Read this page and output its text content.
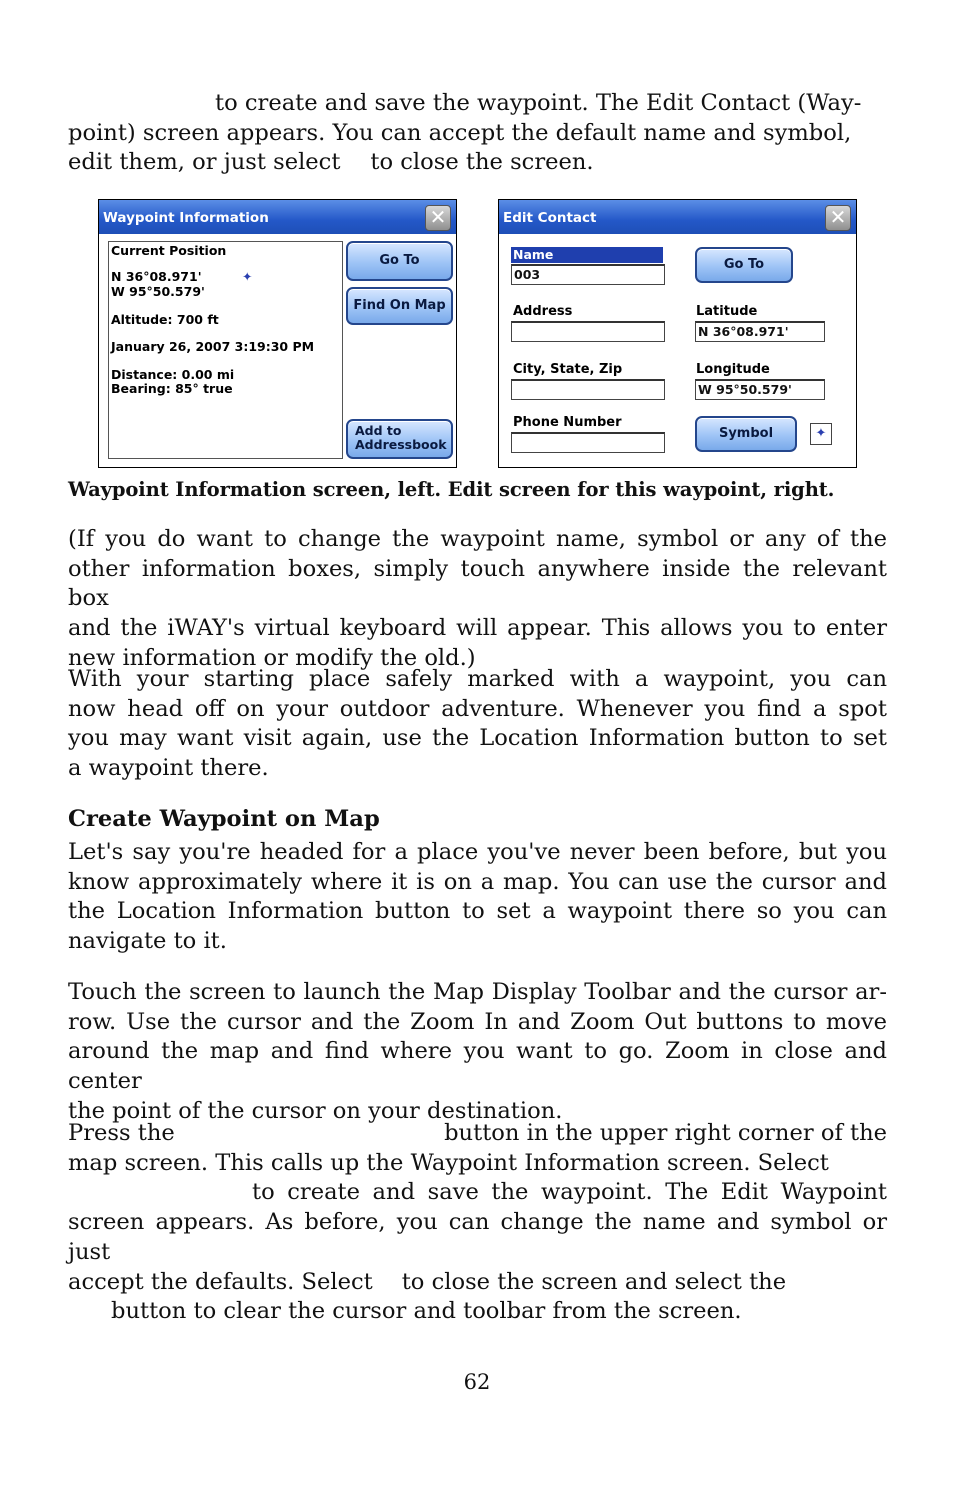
to create and save the waypoint. The Edit Contact (Way-
point) screen appears. You can accept the default name and symbol,
edit them, or just select to close the screen.
Waypoint Information	✕
Current Position
N 36°08.971'
W 95°50.579'
✦
Altitude: 700 ft
January 26, 2007 3:19:30 PM
Distance: 0.00 mi
Bearing: 85° true
Go To
Find On Map
Add to
Addressbook
Edit Contact	✕
Name
003
Address
City, State, Zip
Phone Number
Go To
Latitude
N 36°08.971'
Longitude
W 95°50.579'
Symbol	✦
Waypoint Information screen, left. Edit screen for this waypoint, right.
(If you do want to change the waypoint name, symbol or any of the
other information boxes, simply touch anywhere inside the relevant box
and the iWAY's virtual keyboard will appear. This allows you to enter
new information or modify the old.)
With your starting place safely marked with a waypoint, you can
now head off on your outdoor adventure. Whenever you find a spot
you may want visit again, use the Location Information button to set
a waypoint there.
Create Waypoint on Map
Let's say you're headed for a place you've never been before, but you
know approximately where it is on a map. You can use the cursor and
the Location Information button to set a waypoint there so you can
navigate to it.
Touch the screen to launch the Map Display Toolbar and the cursor ar-
row. Use the cursor and the Zoom In and Zoom Out buttons to move
around the map and find where you want to go. Zoom in close and center
the point of the cursor on your destination.
Press the	button in the upper right corner of the
map screen. This calls up the Waypoint Information screen. Select
to create and save the waypoint. The Edit Waypoint
screen appears. As before, you can change the name and symbol or just
accept the defaults. Select to close the screen and select the
button to clear the cursor and toolbar from the screen.
62
